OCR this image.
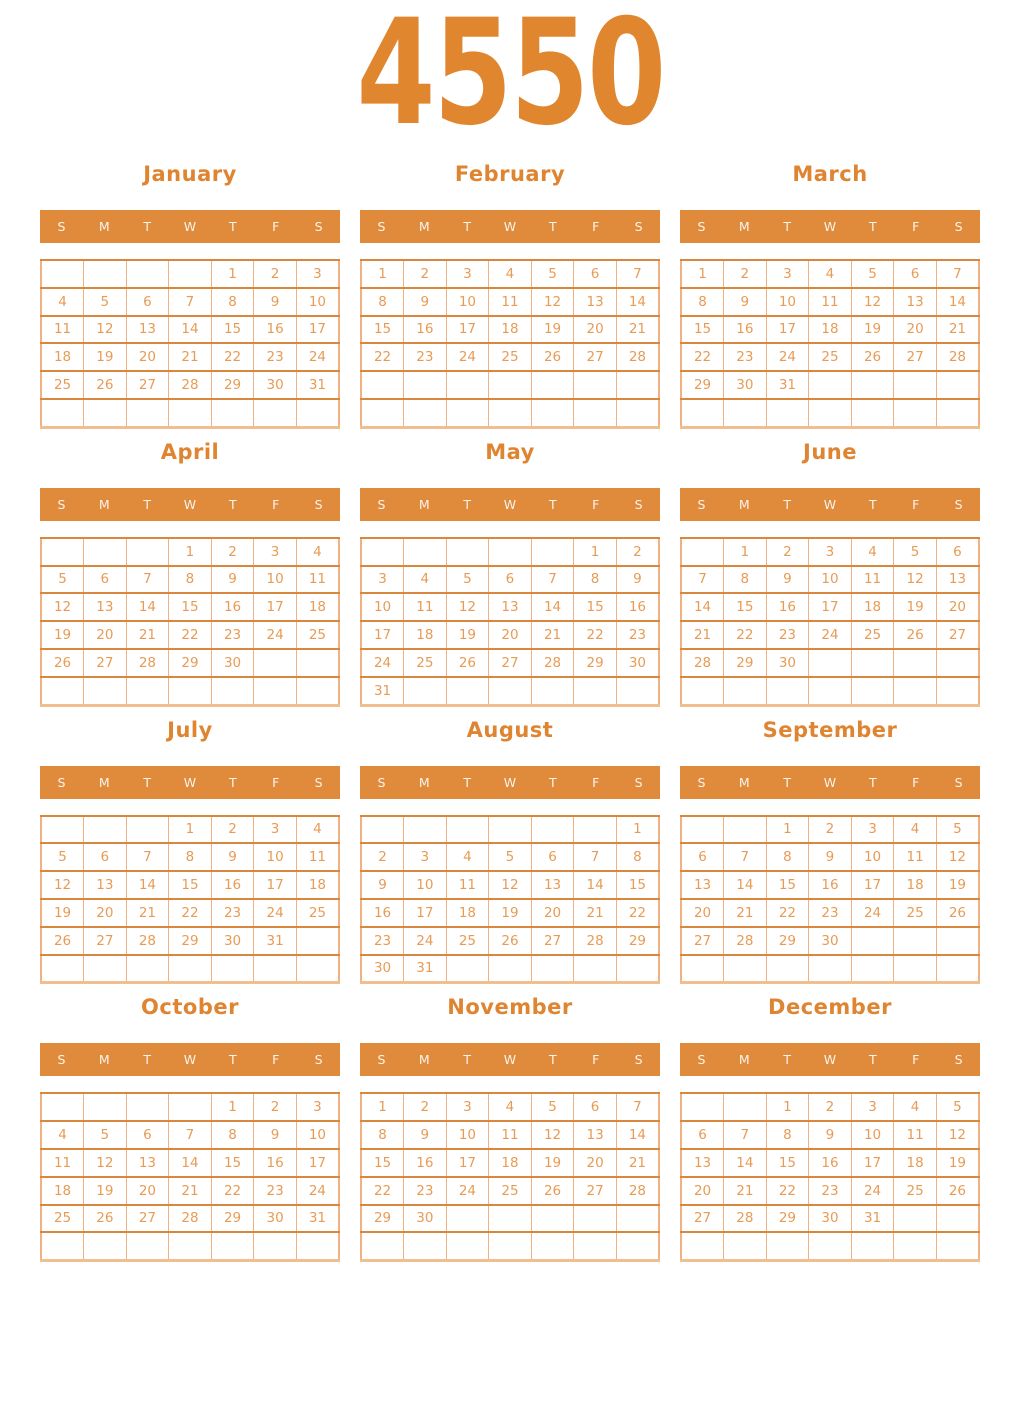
4550
January
S	M	T	W	T	F	S
				1	2	3
4	5	6	7	8	9	10
11	12	13	14	15	16	17
18	19	20	21	22	23	24
25	26	27	28	29	30	31

February
S	M	T	W	T	F	S
1	2	3	4	5	6	7
8	9	10	11	12	13	14
15	16	17	18	19	20	21
22	23	24	25	26	27	28

March
S	M	T	W	T	F	S
1	2	3	4	5	6	7
8	9	10	11	12	13	14
15	16	17	18	19	20	21
22	23	24	25	26	27	28
29	30	31				

April
S	M	T	W	T	F	S
			1	2	3	4
5	6	7	8	9	10	11
12	13	14	15	16	17	18
19	20	21	22	23	24	25
26	27	28	29	30		

May
S	M	T	W	T	F	S
					1	2
3	4	5	6	7	8	9
10	11	12	13	14	15	16
17	18	19	20	21	22	23
24	25	26	27	28	29	30
31						
June
S	M	T	W	T	F	S
	1	2	3	4	5	6
7	8	9	10	11	12	13
14	15	16	17	18	19	20
21	22	23	24	25	26	27
28	29	30				

July
S	M	T	W	T	F	S
			1	2	3	4
5	6	7	8	9	10	11
12	13	14	15	16	17	18
19	20	21	22	23	24	25
26	27	28	29	30	31	

August
S	M	T	W	T	F	S
						1
2	3	4	5	6	7	8
9	10	11	12	13	14	15
16	17	18	19	20	21	22
23	24	25	26	27	28	29
30	31					
September
S	M	T	W	T	F	S
		1	2	3	4	5
6	7	8	9	10	11	12
13	14	15	16	17	18	19
20	21	22	23	24	25	26
27	28	29	30			

October
S	M	T	W	T	F	S
				1	2	3
4	5	6	7	8	9	10
11	12	13	14	15	16	17
18	19	20	21	22	23	24
25	26	27	28	29	30	31

November
S	M	T	W	T	F	S
1	2	3	4	5	6	7
8	9	10	11	12	13	14
15	16	17	18	19	20	21
22	23	24	25	26	27	28
29	30					

December
S	M	T	W	T	F	S
		1	2	3	4	5
6	7	8	9	10	11	12
13	14	15	16	17	18	19
20	21	22	23	24	25	26
27	28	29	30	31		
